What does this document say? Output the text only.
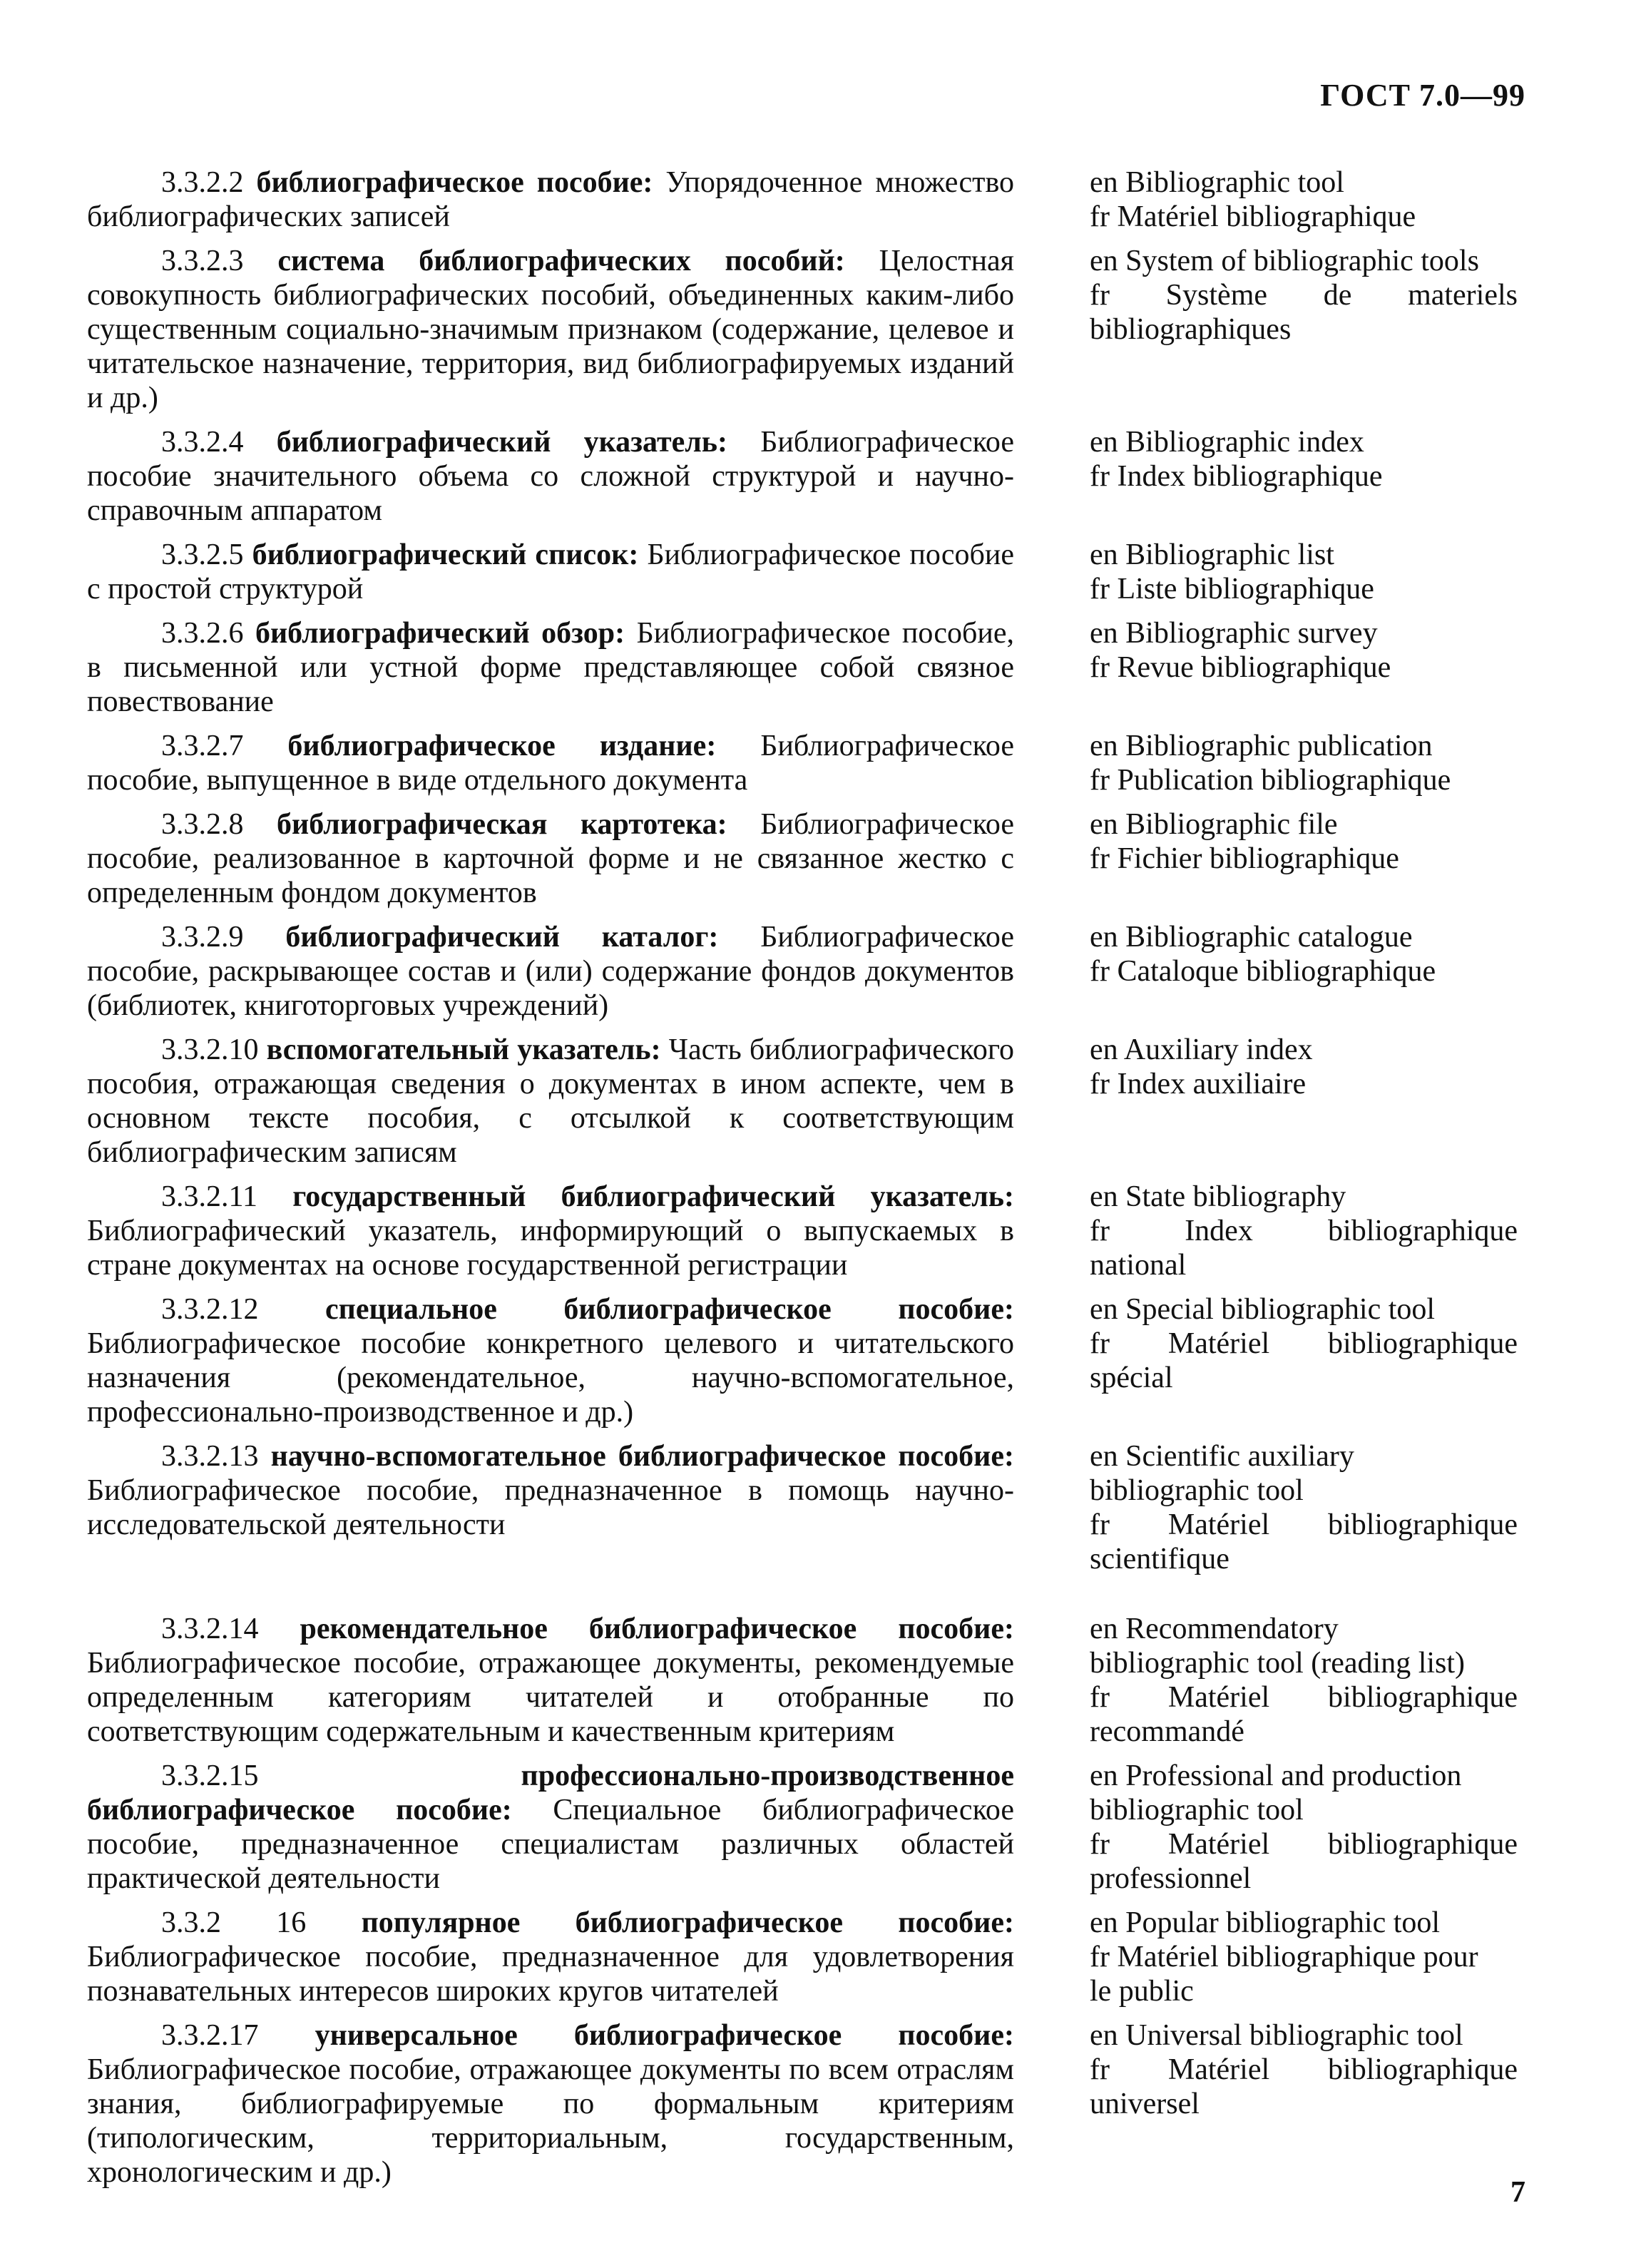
ГОСТ 7.0—99
3.3.2.2 библиографическое пособие: Упорядоченное множество библиографических записей
en Bibliographic tool
fr Matériel bibliographique
3.3.2.3 система библиографических пособий: Целостная совокупность библиографических пособий, объединенных каким-либо существенным социально-значимым признаком (содержание, целевое и читательское назначение, территория, вид библиографируемых изданий и др.)
en System of bibliographic tools
fr Système de materiels
bibliographiques
3.3.2.4 библиографический указатель: Библиографическое пособие значительного объема со сложной структурой и научно-справочным аппаратом
en Bibliographic index
fr Index bibliographique
3.3.2.5 библиографический список: Библиографическое пособие с простой структурой
en Bibliographic list
fr Liste bibliographique
3.3.2.6 библиографический обзор: Библиографическое пособие, в письменной или устной форме представляющее собой связное повествование
en Bibliographic survey
fr Revue bibliographique
3.3.2.7 библиографическое издание: Библиографическое пособие, выпущенное в виде отдельного документа
en Bibliographic publication
fr Publication bibliographique
3.3.2.8 библиографическая картотека: Библиографическое пособие, реализованное в карточной форме и не связанное жестко с определенным фондом документов
en Bibliographic file
fr Fichier bibliographique
3.3.2.9 библиографический каталог: Библиографическое пособие, раскрывающее состав и (или) содержание фондов документов (библиотек, книготорговых учреждений)
en Bibliographic catalogue
fr Cataloque bibliographique
3.3.2.10 вспомогательный указатель: Часть библиографического пособия, отражающая сведения о документах в ином аспекте, чем в основном тексте пособия, с отсылкой к соответствующим библиографическим записям
en Auxiliary index
fr Index auxiliaire
3.3.2.11 государственный библиографический указатель: Библиографический указатель, информирующий о выпускаемых в стране документах на основе государственной регистрации
en State bibliography
fr Index bibliographique
national
3.3.2.12 специальное библиографическое пособие: Библиографическое пособие конкретного целевого и читательского назначения (рекомендательное, научно-вспомогательное, профессионально-производственное и др.)
en Special bibliographic tool
fr Matériel bibliographique
spécial
3.3.2.13 научно-вспомогательное библиографическое пособие: Библиографическое пособие, предназначенное в помощь научно-исследовательской деятельности
en Scientific auxiliary
bibliographic tool
fr Matériel bibliographique
scientifique
3.3.2.14 рекомендательное библиографическое пособие: Библиографическое пособие, отражающее документы, рекомендуемые определенным категориям читателей и отобранные по соответствующим содержательным и качественным критериям
en Recommendatory
bibliographic tool (reading list)
fr Matériel bibliographique
recommandé
3.3.2.15	профессионально-производственное библиографическое пособие: Специальное библиографическое пособие, предназначенное специалистам различных областей практической деятельности
en Professional and production
bibliographic tool
fr Matériel bibliographique
professionnel
3.3.2 16 популярное библиографическое пособие: Библиографическое пособие, предназначенное для удовлетворения познавательных интересов широких кругов читателей
en Popular bibliographic tool
fr Matériel bibliographique pour
le public
3.3.2.17 универсальное библиографическое пособие: Библиографическое пособие, отражающее документы по всем отраслям знания, библиографируемые по формальным критериям (типологическим, территориальным, государственным, хронологическим и др.)
en Universal bibliographic tool
fr Matériel bibliographique
universel
7
